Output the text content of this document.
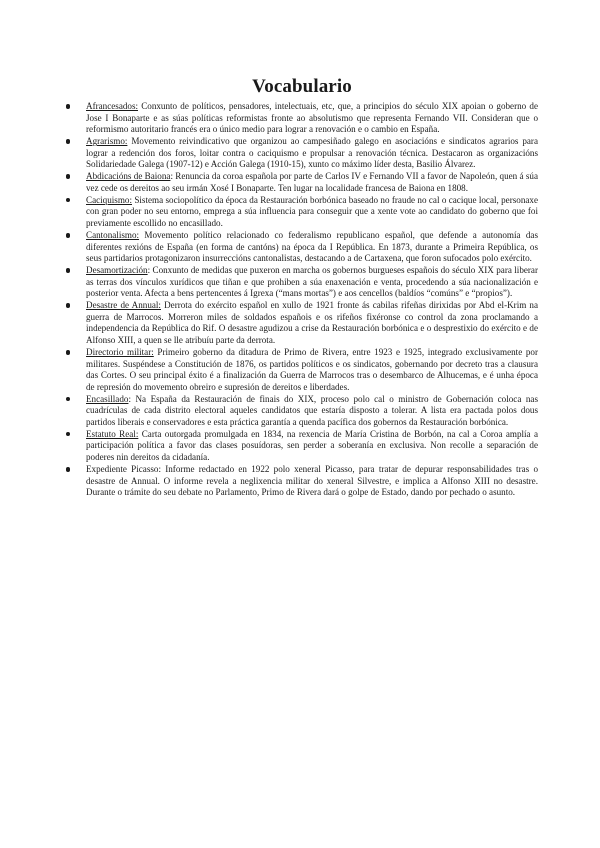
Vocabulario
Afrancesados: Conxunto de políticos, pensadores, intelectuais, etc, que, a principios do século XIX apoian o goberno de Jose I Bonaparte e as súas políticas reformistas fronte ao absolutismo que representa Fernando VII. Consideran que o reformismo autoritario francés era o único medio para lograr a renovación e o cambio en España.
Agrarismo: Movemento reivindicativo que organizou ao campesiñado galego en asociacións e sindicatos agrarios para lograr a redención dos foros, loitar contra o caciquismo e propulsar a renovación técnica. Destacaron as organizacións Solidariedade Galega (1907-12) e Acción Galega (1910-15), xunto co máximo líder desta, Basilio Álvarez.
Abdicacións de Baiona: Renuncia da coroa española por parte de Carlos IV e Fernando VII a favor de Napoleón, quen á súa vez cede os dereitos ao seu irmán Xosé I Bonaparte. Ten lugar na localidade francesa de Baiona en 1808.
Caciquismo: Sistema sociopolítico da época da Restauración borbónica baseado no fraude no cal o cacique local, personaxe con gran poder no seu entorno, emprega a súa influencia para conseguir que a xente vote ao candidato do goberno que foi previamente escollido no encasillado.
Cantonalismo: Movemento político relacionado co federalismo republicano español, que defende a autonomía das diferentes rexións de España (en forma de cantóns) na época da I República. En 1873, durante a Primeira República, os seus partidarios protagonizaron insurreccións cantonalistas, destacando a de Cartaxena, que foron sufocados polo exército.
Desamortización: Conxunto de medidas que puxeron en marcha os gobernos burgueses españois do século XIX para liberar as terras dos vínculos xurídicos que tiñan e que prohiben a súa enaxenación e venta, procedendo a súa nacionalización e posterior venta. Afecta a bens pertencentes á Igrexa (“mans mortas”) e aos cencellos (baldíos “comúns” e “propios”).
Desastre de Annual: Derrota do exército español en xullo de 1921 fronte ás cabilas rifeñas dirixidas por Abd el-Krim na guerra de Marrocos. Morreron miles de soldados españois e os rifeños fixéronse co control da zona proclamando a independencia da República do Rif. O desastre agudizou a crise da Restauración borbónica e o desprestixio do exército e de Alfonso XIII, a quen se lle atribuíu parte da derrota.
Directorio militar: Primeiro goberno da ditadura de Primo de Rivera, entre 1923 e 1925, integrado exclusivamente por militares. Suspéndese a Constitución de 1876, os partidos políticos e os sindicatos, gobernando por decreto tras a clausura das Cortes. O seu principal éxito é a finalización da Guerra de Marrocos tras o desembarco de Alhucemas, e é unha época de represión do movemento obreiro e supresión de dereitos e liberdades.
Encasillado: Na España da Restauración de finais do XIX, proceso polo cal o ministro de Gobernación coloca nas cuadrículas de cada distrito electoral aqueles candidatos que estaría disposto a tolerar. A lista era pactada polos dous partidos liberais e conservadores e esta práctica garantía a quenda pacífica dos gobernos da Restauración borbónica.
Estatuto Real: Carta outorgada promulgada en 1834, na rexencia de María Cristina de Borbón, na cal a Coroa amplía a participación política a favor das clases posuídoras, sen perder a soberanía en exclusiva. Non recolle a separación de poderes nin dereitos da cidadanía.
Expediente Picasso: Informe redactado en 1922 polo xeneral Picasso, para tratar de depurar responsabilidades tras o desastre de Annual. O informe revela a neglixencia militar do xeneral Silvestre, e implica a Alfonso XIII no desastre. Durante o trámite do seu debate no Parlamento, Primo de Rivera dará o golpe de Estado, dando por pechado o asunto.
